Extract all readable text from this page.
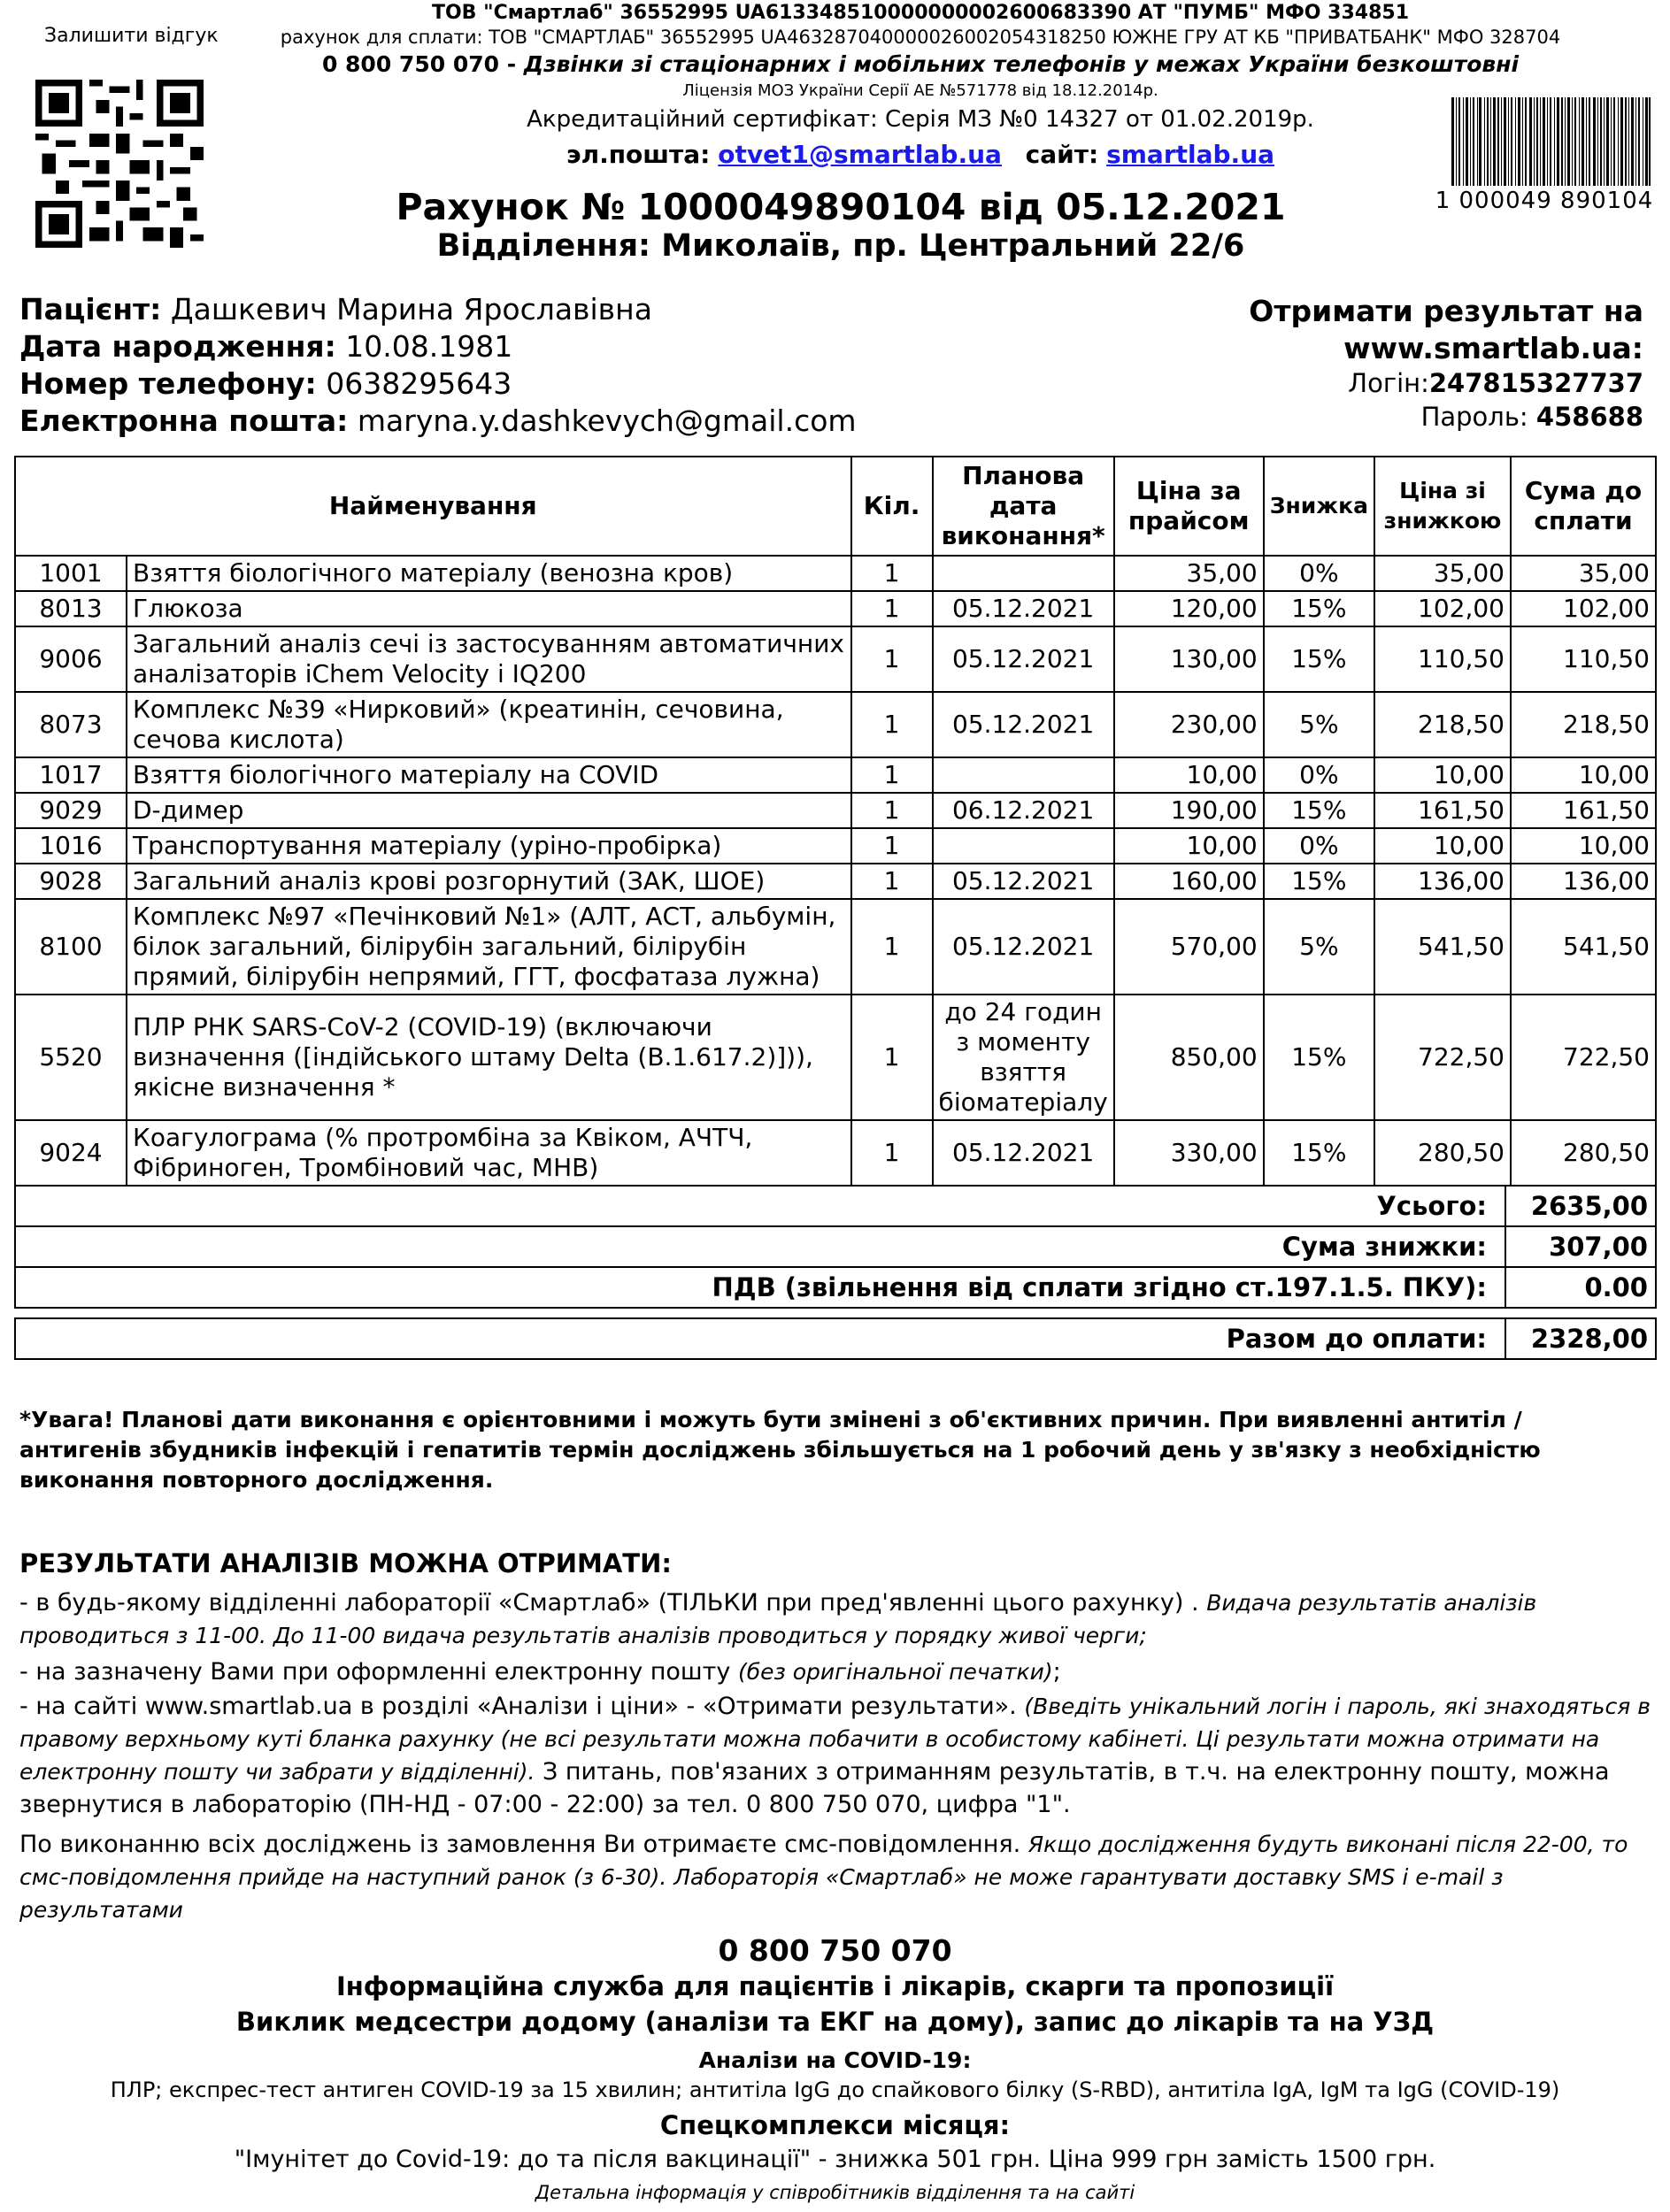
Залишити відгук
ТОВ "Смартлаб" 36552995 UA613348510000000002600683390 АТ "ПУМБ" МФО 334851
рахунок для сплати: ТОВ "СМАРТЛАБ" 36552995 UA463287040000026002054318250 ЮЖНЕ ГРУ АТ КБ "ПРИВАТБАНК" МФО 328704
0 800 750 070 - Дзвінки зі стаціонарних і мобільних телефонів у межах України безкоштовні
Ліцензія МОЗ України Серії АЕ №571778 від 18.12.2014р.
Акредитаційний сертифікат: Серія МЗ №0 14327 от 01.02.2019р.
эл.пошта: otvet1@smartlab.ua сайт: smartlab.ua
Рахунок № 1000049890104 від 05.12.2021
Відділення: Миколаїв, пр. Центральний 22/6
1 000049 890104
Пацієнт: Дашкевич Марина Ярославівна
Дата народження: 10.08.1981
Номер телефону: 0638295643
Електронна пошта: maryna.y.dashkevych@gmail.com
Отримати результат на
www.smartlab.ua:
Логін:247815327737
Пароль: 458688
Найменування		Кіл.	Планова дата виконання*	Ціна за прайсом	Знижка	Ціна зі знижкою	Сума до сплати
1001	Взяття біологічного матеріалу (венозна кров)	1		35,00	0%	35,00	35,00
8013	Глюкоза	1	05.12.2021	120,00	15%	102,00	102,00
9006	Загальний аналіз сечі із застосуванням автоматичних аналізаторів iChem Velocity і IQ200	1	05.12.2021	130,00	15%	110,50	110,50
8073	Комплекс №39 «Нирковий» (креатинін, сечовина, сечова кислота)	1	05.12.2021	230,00	5%	218,50	218,50
1017	Взяття біологічного матеріалу на COVID	1		10,00	0%	10,00	10,00
9029	D-димер	1	06.12.2021	190,00	15%	161,50	161,50
1016	Транспортування матеріалу (уріно-пробірка)	1		10,00	0%	10,00	10,00
9028	Загальний аналіз крові розгорнутий (ЗАК, ШОЕ)	1	05.12.2021	160,00	15%	136,00	136,00
8100	Комплекс №97 «Печінковий №1» (АЛТ, АСТ, альбумін, білок загальний, білірубін загальний, білірубін прямий, білірубін непрямий, ГГТ, фосфатаза лужна)	1	05.12.2021	570,00	5%	541,50	541,50
5520	ПЛР РНК SARS-CoV-2 (COVID-19) (включаючи визначення ([індійського штаму Delta (B.1.617.2)])), якісне визначення *	1	до 24 годин з моменту взяття біоматеріалу	850,00	15%	722,50	722,50
9024	Коагулограма (% протромбіна за Квіком, АЧТЧ, Фібриноген, Тромбіновий час, МНВ)	1	05.12.2021	330,00	15%	280,50	280,50
Усього:	2635,00
Сума знижки:	307,00
ПДВ (звільнення від сплати згідно ст.197.1.5. ПКУ):	0.00
Разом до оплати:	2328,00
*Увага! Планові дати виконання є орієнтовними і можуть бути змінені з об'єктивних причин. При виявленні антитіл / антигенів збудників інфекцій і гепатитів термін досліджень збільшується на 1 робочий день у зв'язку з необхідністю виконання повторного дослідження.
РЕЗУЛЬТАТИ АНАЛІЗІВ МОЖНА ОТРИМАТИ:
- в будь-якому відділенні лабораторії «Смартлаб» (ТІЛЬКИ при пред'явленні цього рахунку) . Видача результатів аналізів проводиться з 11-00. До 11-00 видача результатів аналізів проводиться у порядку живої черги;
- на зазначену Вами при оформленні електронну пошту (без оригінальної печатки);
- на сайті www.smartlab.ua в розділі «Аналізи і ціни» - «Отримати результати». (Введіть унікальний логін і пароль, які знаходяться в правому верхньому куті бланка рахунку (не всі результати можна побачити в особистому кабінеті. Ці результати можна отримати на електронну пошту чи забрати у відділенні). З питань, пов'язаних з отриманням результатів, в т.ч. на електронну пошту, можна звернутися в лабораторію (ПН-НД - 07:00 - 22:00) за тел. 0 800 750 070, цифра "1".
По виконанню всіх досліджень із замовлення Ви отримаєте смс-повідомлення. Якщо дослідження будуть виконані після 22-00, то смс-повідомлення прийде на наступний ранок (з 6-30). Лабораторія «Смартлаб» не може гарантувати доставку SMS і e-mail з результатами
0 800 750 070
Інформаційна служба для пацієнтів і лікарів, скарги та пропозиції
Виклик медсестри додому (аналізи та ЕКГ на дому), запис до лікарів та на УЗД
Аналізи на COVID-19:
ПЛР; експрес-тест антиген COVID-19 за 15 хвилин; антитіла IgG до спайкового білку (S-RBD), антитіла IgA, IgM та IgG (COVID-19)
Спецкомплекси місяця:
"Імунітет до Covid-19: до та після вакцинації" - знижка 501 грн. Ціна 999 грн замість 1500 грн.
Детальна інформація у співробітників відділення та на сайті
